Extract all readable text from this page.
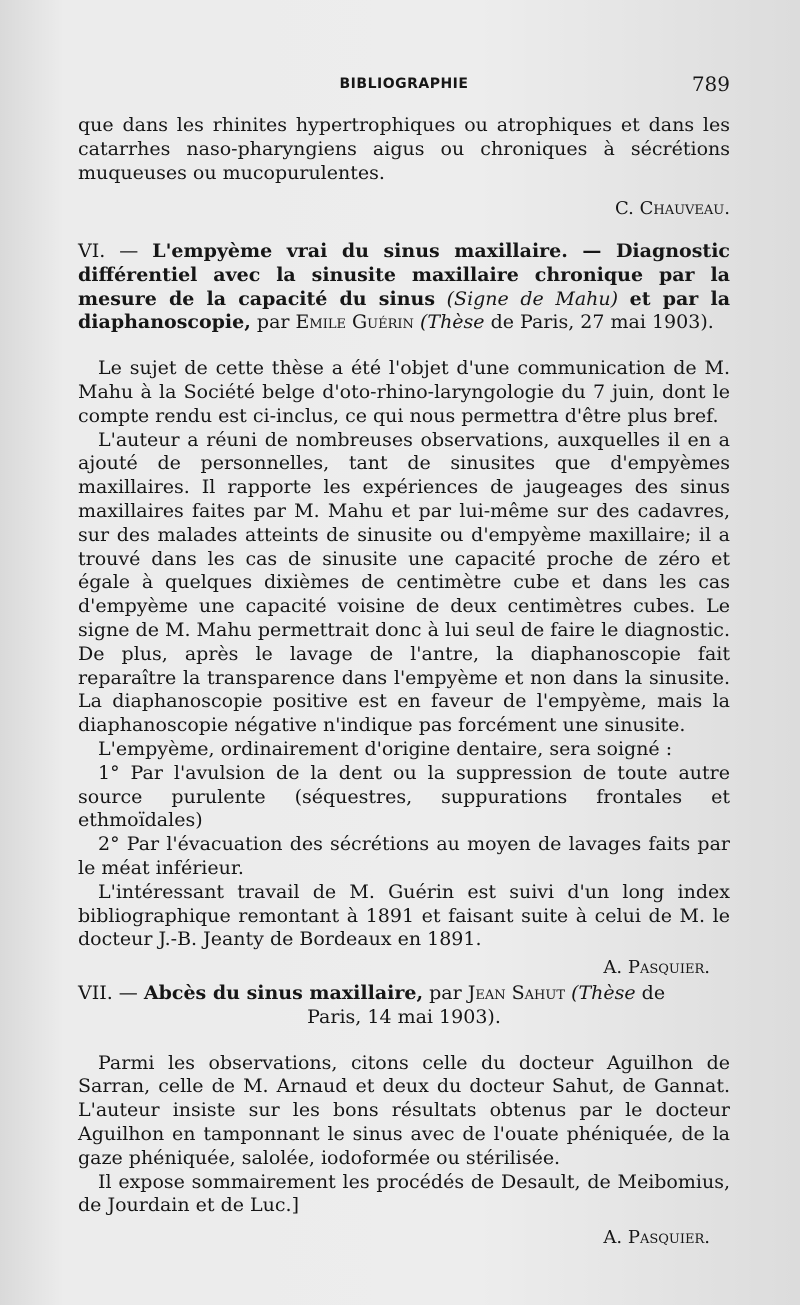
BIBLIOGRAPHIE	789

que dans les rhinites hypertrophiques ou atrophiques et dans les catarrhes naso-pharyngiens aigus ou chroniques à sécrétions muqueuses ou mucopurulentes.

C. Chauveau.

VI. — L'empyème vrai du sinus maxillaire. — Diagnostic différentiel avec la sinusite maxillaire chronique par la mesure de la capacité du sinus (Signe de Mahu) et par la diaphanoscopie, par Emile Guérin (Thèse de Paris, 27 mai 1903).

Le sujet de cette thèse a été l'objet d'une communication de M. Mahu à la Société belge d'oto-rhino-laryngologie du 7 juin, dont le compte rendu est ci-inclus, ce qui nous permettra d'être plus bref.

L'auteur a réuni de nombreuses observations, auxquelles il en a ajouté de personnelles, tant de sinusites que d'empyèmes maxillaires. Il rapporte les expériences de jaugeages des sinus maxillaires faites par M. Mahu et par lui-même sur des cadavres, sur des malades atteints de sinusite ou d'empyème maxillaire; il a trouvé dans les cas de sinusite une capacité proche de zéro et égale à quelques dixièmes de centimètre cube et dans les cas d'empyème une capacité voisine de deux centimètres cubes. Le signe de M. Mahu permettrait donc à lui seul de faire le diagnostic. De plus, après le lavage de l'antre, la diaphanoscopie fait reparaître la transparence dans l'empyème et non dans la sinusite. La diaphanoscopie positive est en faveur de l'empyème, mais la diaphanoscopie négative n'indique pas forcément une sinusite.

L'empyème, ordinairement d'origine dentaire, sera soigné :

1° Par l'avulsion de la dent ou la suppression de toute autre source purulente (séquestres, suppurations frontales et ethmoïdales)

2° Par l'évacuation des sécrétions au moyen de lavages faits par le méat inférieur.

L'intéressant travail de M. Guérin est suivi d'un long index bibliographique remontant à 1891 et faisant suite à celui de M. le docteur J.-B. Jeanty de Bordeaux en 1891.

A. Pasquier.

VII. — Abcès du sinus maxillaire, par Jean Sahut (Thèse de
Paris, 14 mai 1903).

Parmi les observations, citons celle du docteur Aguilhon de Sarran, celle de M. Arnaud et deux du docteur Sahut, de Gannat. L'auteur insiste sur les bons résultats obtenus par le docteur Aguilhon en tamponnant le sinus avec de l'ouate phéniquée, de la gaze phéniquée, salolée, iodoformée ou stérilisée.

Il expose sommairement les procédés de Desault, de Meibomius, de Jourdain et de Luc.]

A. Pasquier.
